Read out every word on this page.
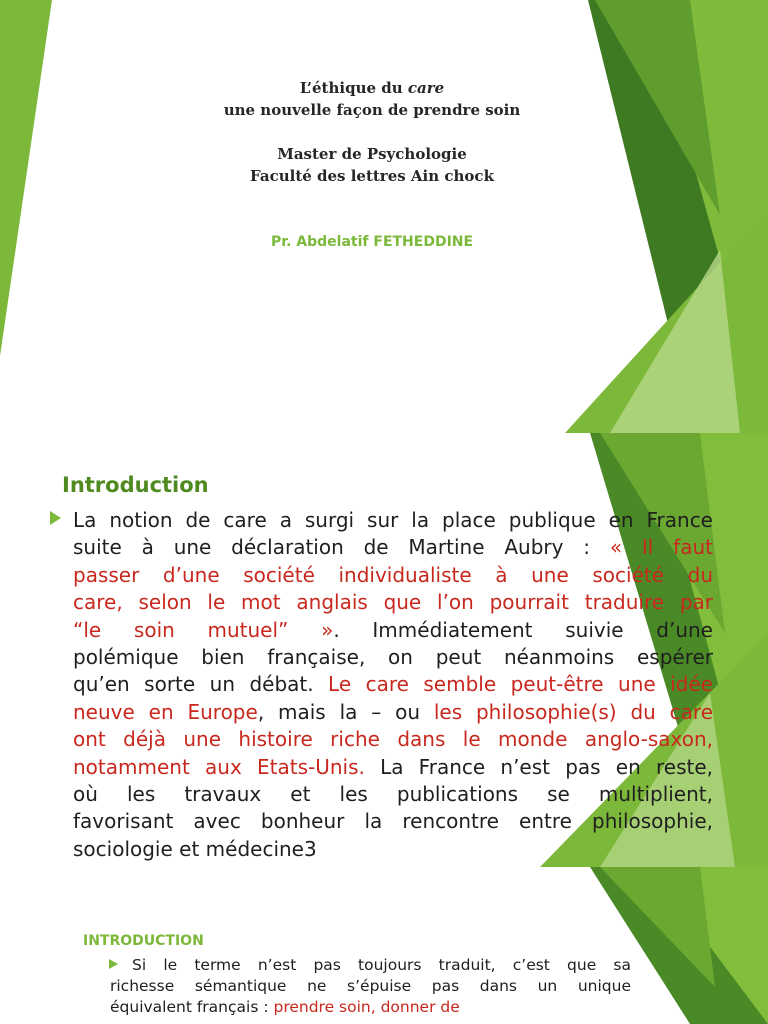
L’éthique du care
une nouvelle façon de prendre soin
Master de Psychologie
Faculté des lettres Ain chock
Pr. Abdelatif FETHEDDINE
Introduction
La notion de care a surgi sur la place publique en France
suite à une déclaration de Martine Aubry : « Il faut
passer d’une société individualiste à une société du
care, selon le mot anglais que l’on pourrait traduire par
“le soin mutuel” ». Immédiatement suivie d’une
polémique bien française, on peut néanmoins espérer
qu’en sorte un débat. Le care semble peut-être une idée
neuve en Europe, mais la – ou les philosophie(s) du care
ont déjà une histoire riche dans le monde anglo-saxon,
notamment aux Etats-Unis. La France n’est pas en reste,
où les travaux et les publications se multiplient,
favorisant avec bonheur la rencontre entre philosophie,
sociologie et médecine3
INTRODUCTION
Si le terme n’est pas toujours traduit, c’est que sa
richesse sémantique ne s’épuise pas dans un unique
équivalent français : prendre soin, donner de
